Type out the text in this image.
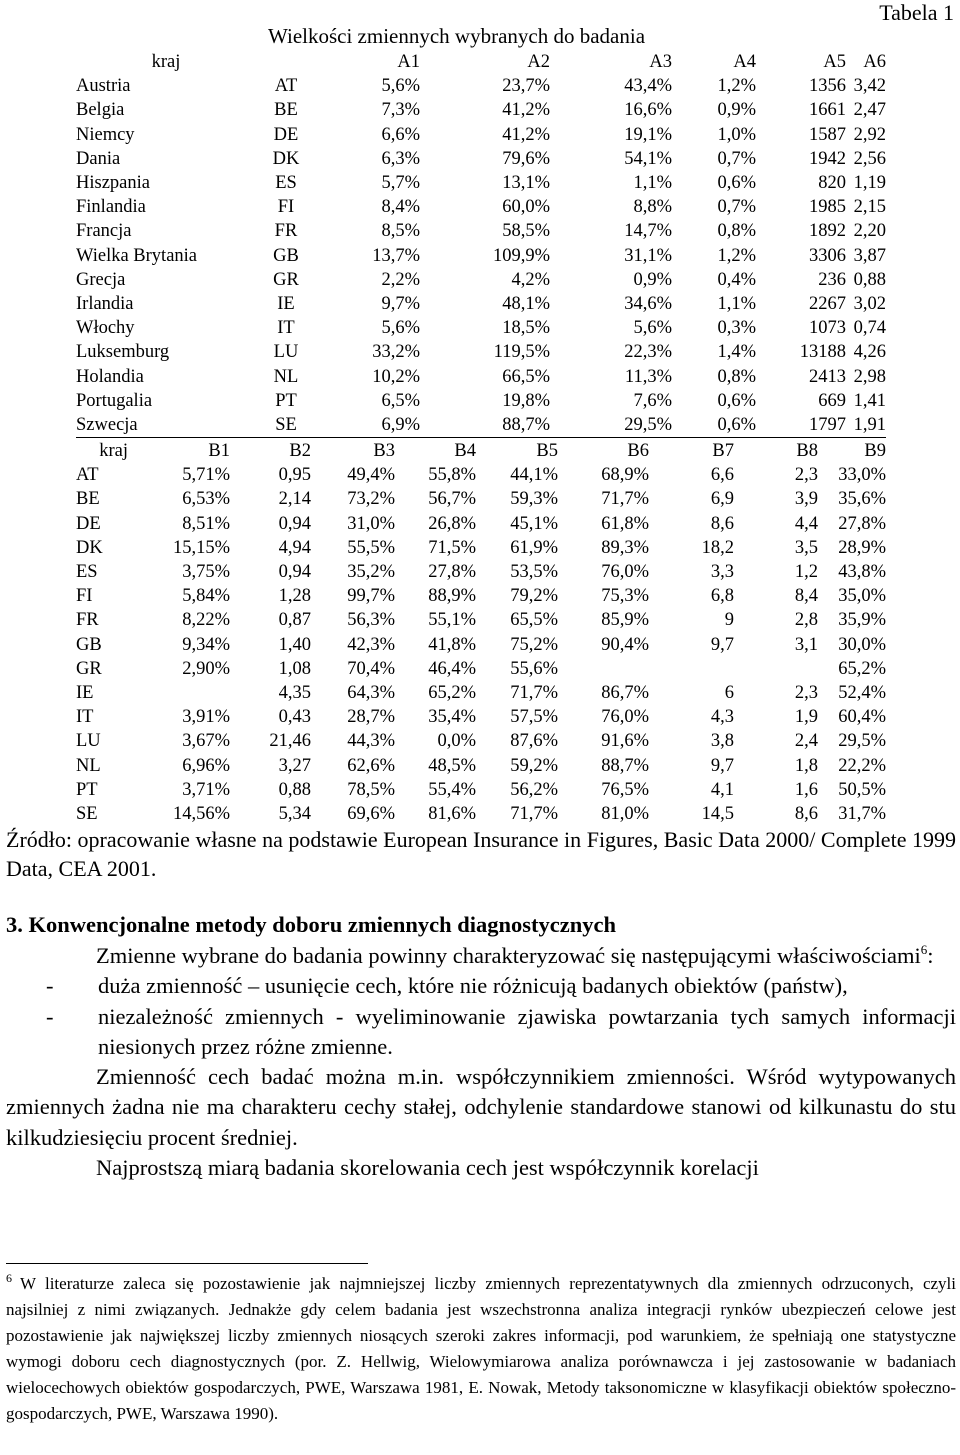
Tabela 1
Wielkości zmiennych wybranych do badania
kraj		A1	A2	A3	A4	A5	A6
Austria	AT	5,6%	23,7%	43,4%	1,2%	1356	3,42
Belgia	BE	7,3%	41,2%	16,6%	0,9%	1661	2,47
Niemcy	DE	6,6%	41,2%	19,1%	1,0%	1587	2,92
Dania	DK	6,3%	79,6%	54,1%	0,7%	1942	2,56
Hiszpania	ES	5,7%	13,1%	1,1%	0,6%	820	1,19
Finlandia	FI	8,4%	60,0%	8,8%	0,7%	1985	2,15
Francja	FR	8,5%	58,5%	14,7%	0,8%	1892	2,20
Wielka Brytania	GB	13,7%	109,9%	31,1%	1,2%	3306	3,87
Grecja	GR	2,2%	4,2%	0,9%	0,4%	236	0,88
Irlandia	IE	9,7%	48,1%	34,6%	1,1%	2267	3,02
Włochy	IT	5,6%	18,5%	5,6%	0,3%	1073	0,74
Luksemburg	LU	33,2%	119,5%	22,3%	1,4%	13188	4,26
Holandia	NL	10,2%	66,5%	11,3%	0,8%	2413	2,98
Portugalia	PT	6,5%	19,8%	7,6%	0,6%	669	1,41
Szwecja	SE	6,9%	88,7%	29,5%	0,6%	1797	1,91
kraj	B1	B2	B3	B4	B5	B6	B7	B8	B9
AT	5,71%	0,95	49,4%	55,8%	44,1%	68,9%	6,6	2,3	33,0%
BE	6,53%	2,14	73,2%	56,7%	59,3%	71,7%	6,9	3,9	35,6%
DE	8,51%	0,94	31,0%	26,8%	45,1%	61,8%	8,6	4,4	27,8%
DK	15,15%	4,94	55,5%	71,5%	61,9%	89,3%	18,2	3,5	28,9%
ES	3,75%	0,94	35,2%	27,8%	53,5%	76,0%	3,3	1,2	43,8%
FI	5,84%	1,28	99,7%	88,9%	79,2%	75,3%	6,8	8,4	35,0%
FR	8,22%	0,87	56,3%	55,1%	65,5%	85,9%	9	2,8	35,9%
GB	9,34%	1,40	42,3%	41,8%	75,2%	90,4%	9,7	3,1	30,0%
GR	2,90%	1,08	70,4%	46,4%	55,6%				65,2%
IE		4,35	64,3%	65,2%	71,7%	86,7%	6	2,3	52,4%
IT	3,91%	0,43	28,7%	35,4%	57,5%	76,0%	4,3	1,9	60,4%
LU	3,67%	21,46	44,3%	0,0%	87,6%	91,6%	3,8	2,4	29,5%
NL	6,96%	3,27	62,6%	48,5%	59,2%	88,7%	9,7	1,8	22,2%
PT	3,71%	0,88	78,5%	55,4%	56,2%	76,5%	4,1	1,6	50,5%
SE	14,56%	5,34	69,6%	81,6%	71,7%	81,0%	14,5	8,6	31,7%
Źródło: opracowanie własne na podstawie European Insurance in Figures, Basic Data 2000/ Complete 1999 Data, CEA 2001.
3. Konwencjonalne metody doboru zmiennych diagnostycznych

Zmienne wybrane do badania powinny charakteryzować się następującymi właściwościami$^6$:

- duża zmienność – usunięcie cech, które nie różnicują badanych obiektów (państw),
- niezależność zmiennych - wyeliminowanie zjawiska powtarzania tych samych informacji niesionych przez różne zmienne.

Zmienność cech badać można m.in. współczynnikiem zmienności. Wśród wytypowanych zmiennych żadna nie ma charakteru cechy stałej, odchylenie standardowe stanowi od kilkunastu do stu kilkudziesięciu procent średniej.

Najprostszą miarą badania skorelowania cech jest współczynnik korelacji

$^6$ W literaturze zaleca się pozostawienie jak najmniejszej liczby zmiennych reprezentatywnych dla zmiennych odrzuconych, czyli najsilniej z nimi związanych. Jednakże gdy celem badania jest wszechstronna analiza integracji rynków ubezpieczeń celowe jest pozostawienie jak największej liczby zmiennych niosących szeroki zakres informacji, pod warunkiem, że spełniają one statystyczne wymogi doboru cech diagnostycznych (por. Z. Hellwig, Wielowymiarowa analiza porównawcza i jej zastosowanie w badaniach wielocechowych obiektów gospodarczych, PWE, Warszawa 1981, E. Nowak, Metody taksonomiczne w klasyfikacji obiektów społeczno-gospodarczych, PWE, Warszawa 1990).
